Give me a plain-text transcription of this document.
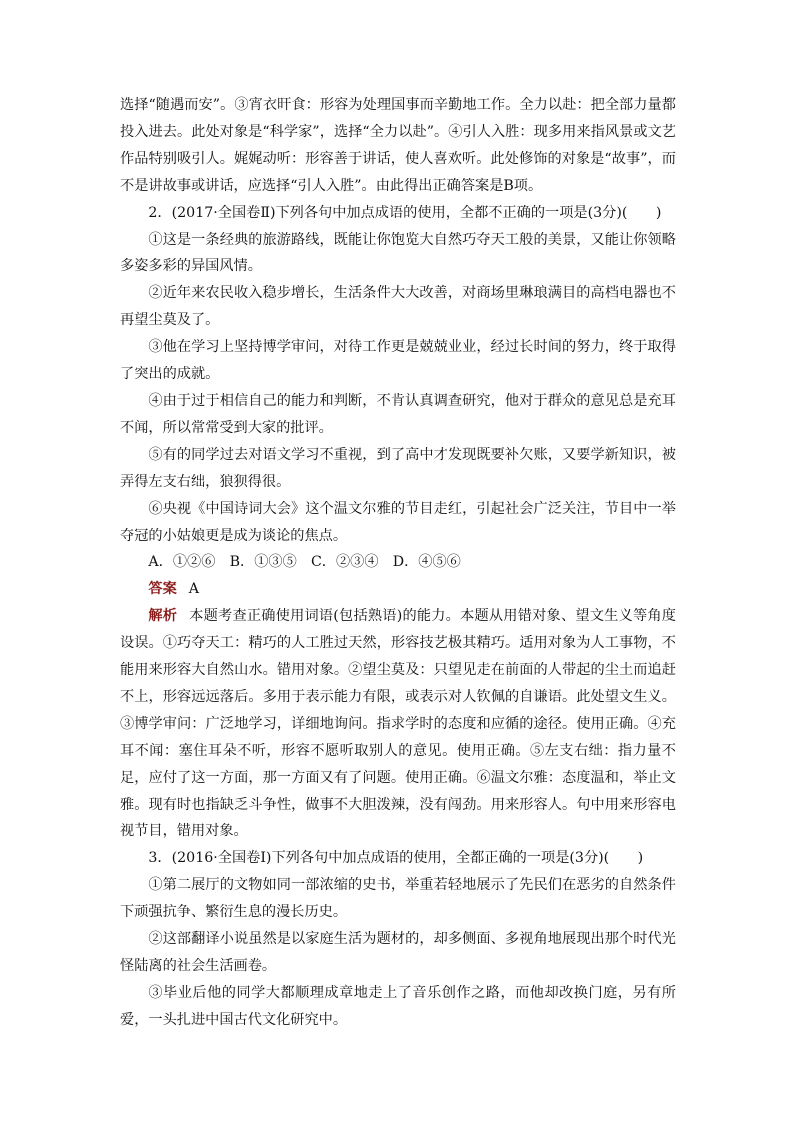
选择“随遇而安”。③宵衣旰食：形容为处理国事而辛勤地工作。全力以赴：把全部力量都投入进去。此处对象是“科学家”，选择“全力以赴”。④引人入胜：现多用来指风景或文艺作品特别吸引人。娓娓动听：形容善于讲话，使人喜欢听。此处修饰的对象是“故事”，而不是讲故事或讲话，应选择“引人入胜”。由此得出正确答案是B项。

2．(2017·全国卷Ⅱ)下列各句中加点成语的使用，全都不正确的一项是(3分)(　　)

①这是一条经典的旅游路线，既能让你饱览大自然巧夺天工般的美景，又能让你领略多姿多彩的异国风情。

②近年来农民收入稳步增长，生活条件大大改善，对商场里琳琅满目的高档电器也不再望尘莫及了。

③他在学习上坚持博学审问，对待工作更是兢兢业业，经过长时间的努力，终于取得了突出的成就。

④由于过于相信自己的能力和判断，不肯认真调查研究，他对于群众的意见总是充耳不闻，所以常常受到大家的批评。

⑤有的同学过去对语文学习不重视，到了高中才发现既要补欠账，又要学新知识，被弄得左支右绌，狼狈得很。

⑥央视《中国诗词大会》这个温文尔雅的节目走红，引起社会广泛关注，节目中一举夺冠的小姑娘更是成为谈论的焦点。

A．①②⑥　B．①③⑤　C．②③④　D．④⑤⑥

答案 A

解析 本题考查正确使用词语(包括熟语)的能力。本题从用错对象、望文生义等角度设误。①巧夺天工：精巧的人工胜过天然，形容技艺极其精巧。适用对象为人工事物，不能用来形容大自然山水。错用对象。②望尘莫及：只望见走在前面的人带起的尘土而追赶不上，形容远远落后。多用于表示能力有限，或表示对人钦佩的自谦语。此处望文生义。③博学审问：广泛地学习，详细地询问。指求学时的态度和应循的途径。使用正确。④充耳不闻：塞住耳朵不听，形容不愿听取别人的意见。使用正确。⑤左支右绌：指力量不足，应付了这一方面，那一方面又有了问题。使用正确。⑥温文尔雅：态度温和，举止文雅。现有时也指缺乏斗争性，做事不大胆泼辣，没有闯劲。用来形容人。句中用来形容电视节目，错用对象。

3．(2016·全国卷Ⅰ)下列各句中加点成语的使用，全都正确的一项是(3分)(　　)

①第二展厅的文物如同一部浓缩的史书，举重若轻地展示了先民们在恶劣的自然条件下顽强抗争、繁衍生息的漫长历史。

②这部翻译小说虽然是以家庭生活为题材的，却多侧面、多视角地展现出那个时代光怪陆离的社会生活画卷。

③毕业后他的同学大都顺理成章地走上了音乐创作之路，而他却改换门庭，另有所爱，一头扎进中国古代文化研究中。
